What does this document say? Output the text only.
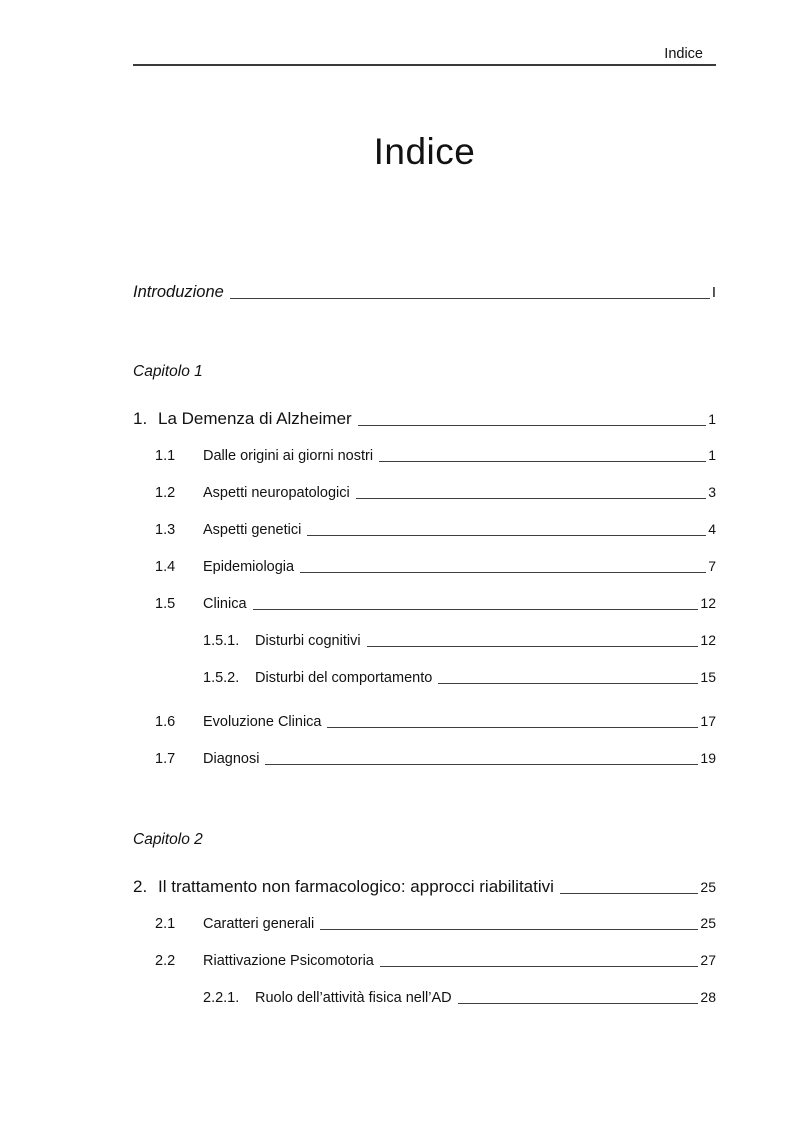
Indice
Indice
Introduzione	I
Capitolo 1
1. La Demenza di Alzheimer	1
1.1	Dalle origini ai giorni nostri	1
1.2	Aspetti neuropatologici	3
1.3	Aspetti genetici	4
1.4	Epidemiologia	7
1.5	Clinica	12
1.5.1.	Disturbi cognitivi	12
1.5.2.	Disturbi del comportamento	15
1.6	Evoluzione Clinica	17
1.7	Diagnosi	19
Capitolo 2
2. Il trattamento non farmacologico: approcci riabilitativi	25
2.1	Caratteri generali	25
2.2	Riattivazione Psicomotoria	27
2.2.1.	Ruolo dell’attività fisica nell’AD	28
